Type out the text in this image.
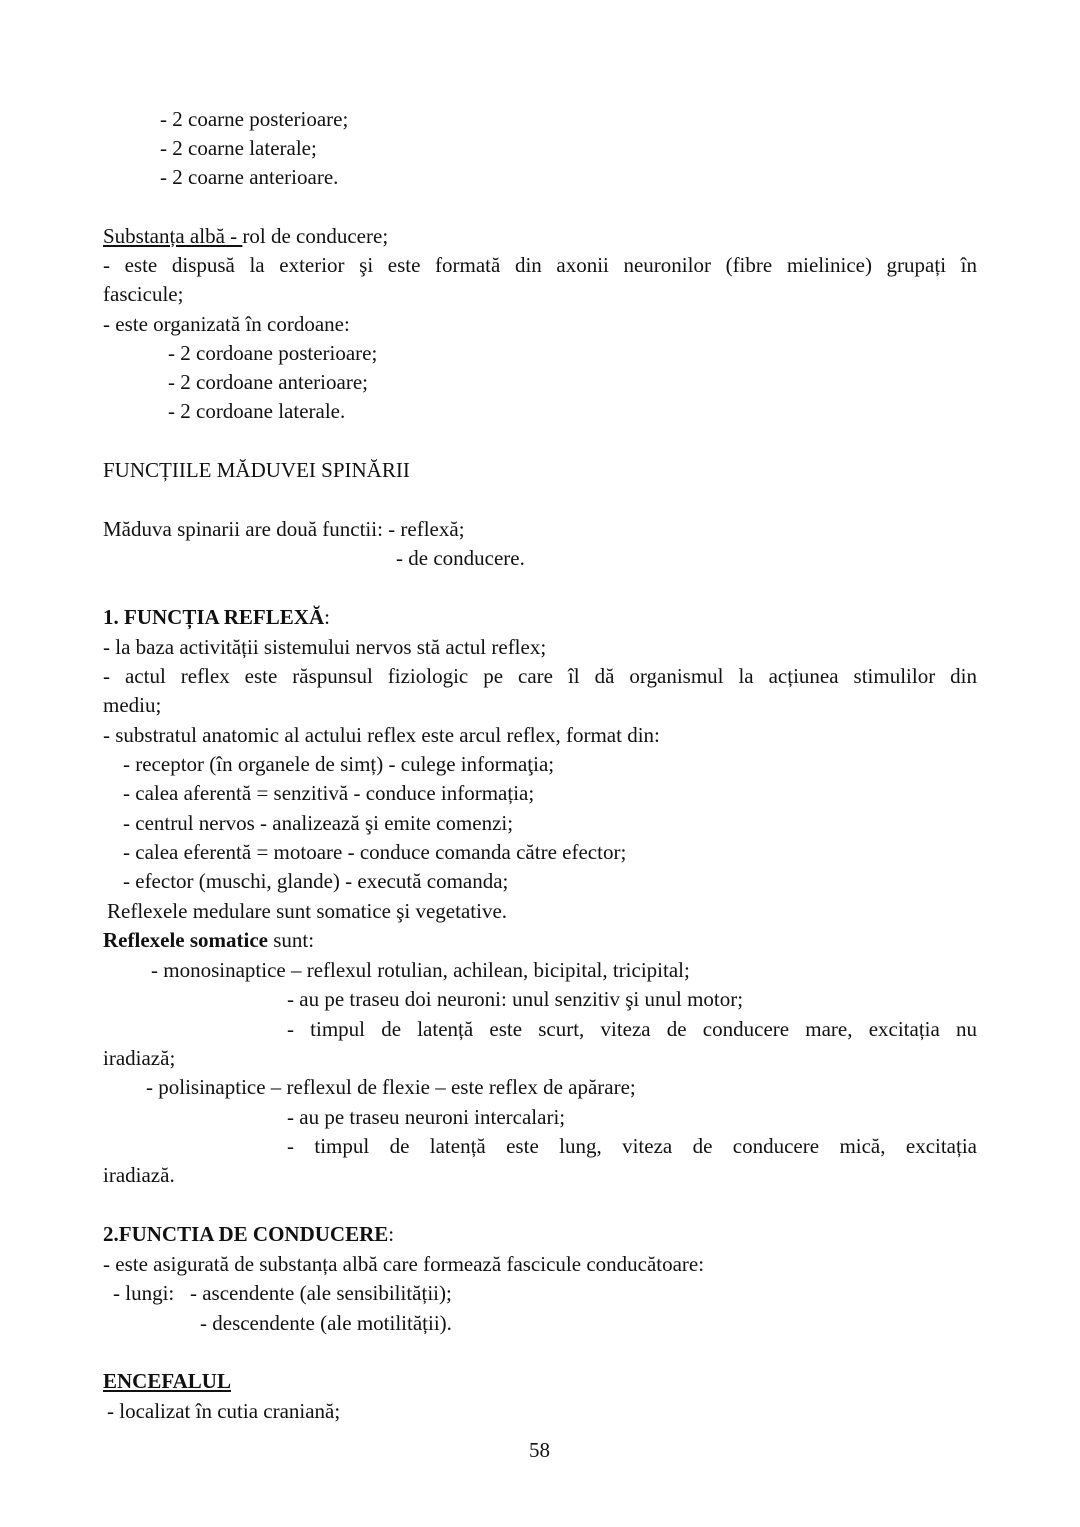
- 2 coarne posterioare;
- 2 coarne laterale;
- 2 coarne anterioare.
Substanța albă - rol de conducere;
- este dispusă la exterior şi este formată din axonii neuronilor (fibre mielinice) grupați în
fascicule;
- este organizată în cordoane:
- 2 cordoane posterioare;
- 2 cordoane anterioare;
- 2 cordoane laterale.
FUNCȚIILE MĂDUVEI SPINĂRII
Măduva spinarii are două functii: - reflexă;
- de conducere.
1. FUNCȚIA REFLEXĂ:
- la baza activității sistemului nervos stă actul reflex;
- actul reflex este răspunsul fiziologic pe care îl dă organismul la acțiunea stimulilor din
mediu;
- substratul anatomic al actului reflex este arcul reflex, format din:
- receptor (în organele de simț) - culege informaţia;
- calea aferentă = senzitivă - conduce informația;
- centrul nervos - analizează şi emite comenzi;
- calea eferentă = motoare - conduce comanda către efector;
- efector (muschi, glande) - execută comanda;
Reflexele medulare sunt somatice şi vegetative.
Reflexele somatice sunt:
- monosinaptice – reflexul rotulian, achilean, bicipital, tricipital;
- au pe traseu doi neuroni: unul senzitiv şi unul motor;
- timpul de latență este scurt, viteza de conducere mare, excitația nu
iradiază;
- polisinaptice – reflexul de flexie – este reflex de apărare;
- au pe traseu neuroni intercalari;
- timpul de latență este lung, viteza de conducere mică, excitația
iradiază.
2.FUNCTIA DE CONDUCERE:
- este asigurată de substanța albă care formează fascicule conducătoare:
- lungi:   - ascendente (ale sensibilității);
- descendente (ale motilității).
ENCEFALUL
- localizat în cutia craniană;
58
